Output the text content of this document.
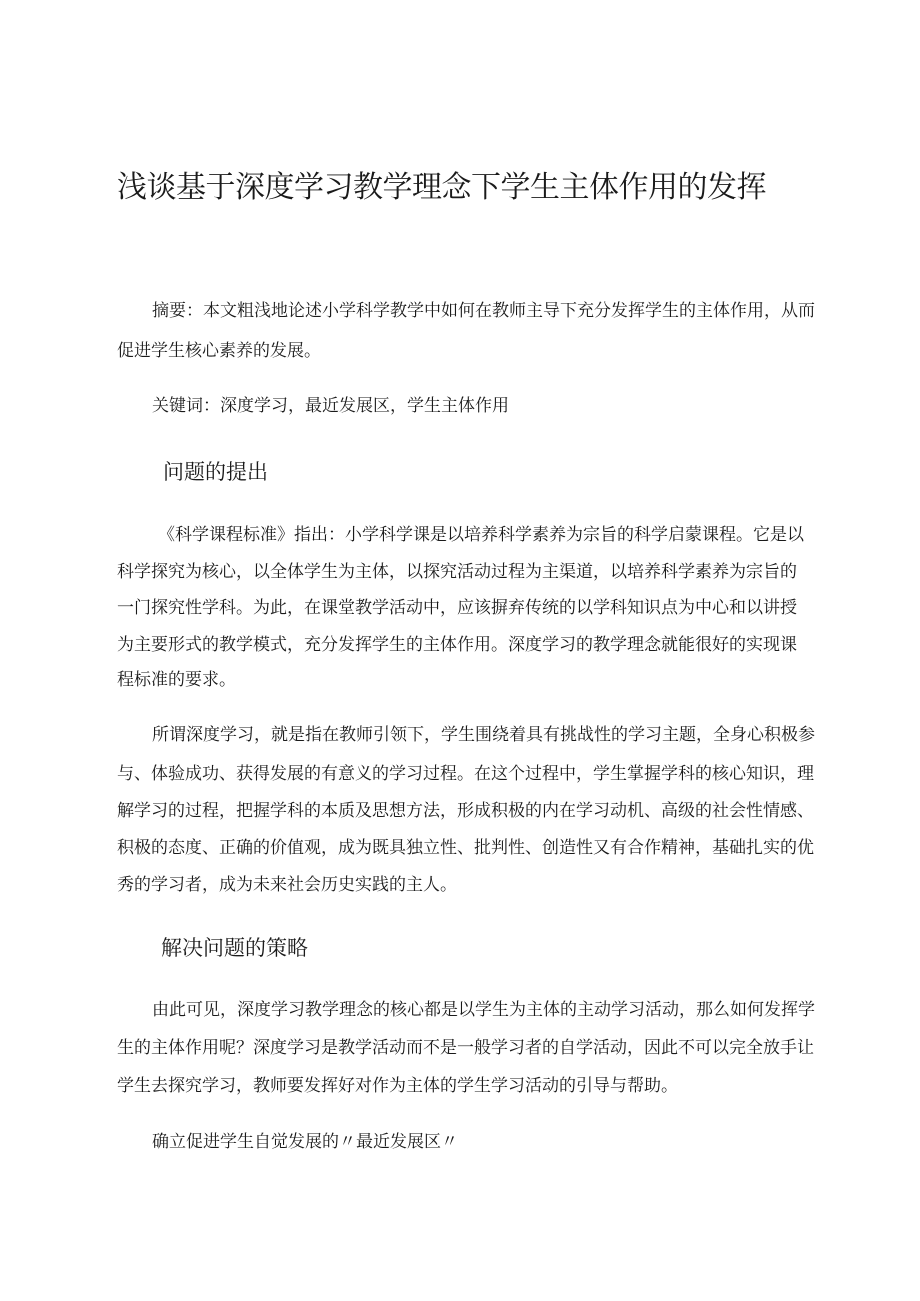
浅谈基于深度学习教学理念下学生主体作用的发挥

摘要：本文粗浅地论述小学科学教学中如何在教师主导下充分发挥学生的主体作用，从而

促进学生核心素养的发展。

关键词：深度学习，最近发展区，学生主体作用

问题的提出

《科学课程标准》指出：小学科学课是以培养科学素养为宗旨的科学启蒙课程。它是以

科学探究为核心，以全体学生为主体，以探究活动过程为主渠道，以培养科学素养为宗旨的

一门探究性学科。为此，在课堂教学活动中，应该摒弃传统的以学科知识点为中心和以讲授

为主要形式的教学模式，充分发挥学生的主体作用。深度学习的教学理念就能很好的实现课

程标准的要求。

所谓深度学习，就是指在教师引领下，学生围绕着具有挑战性的学习主题，全身心积极参

与、体验成功、获得发展的有意义的学习过程。在这个过程中，学生掌握学科的核心知识，理

解学习的过程，把握学科的本质及思想方法，形成积极的内在学习动机、高级的社会性情感、

积极的态度、正确的价值观，成为既具独立性、批判性、创造性又有合作精神，基础扎实的优

秀的学习者，成为未来社会历史实践的主人。

解决问题的策略

由此可见，深度学习教学理念的核心都是以学生为主体的主动学习活动，那么如何发挥学

生的主体作用呢？深度学习是教学活动而不是一般学习者的自学活动，因此不可以完全放手让

学生去探究学习，教师要发挥好对作为主体的学生学习活动的引导与帮助。

确立促进学生自觉发展的〃最近发展区〃
